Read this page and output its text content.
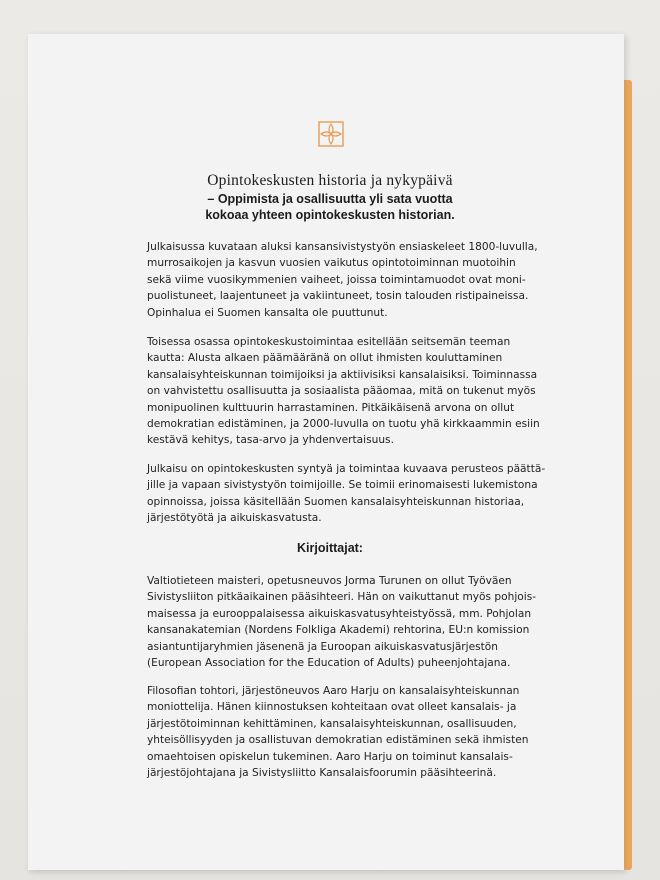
Opintokeskusten historia ja nykypäivä
– Oppimista ja osallisuutta yli sata vuotta
kokoaa yhteen opintokeskusten historian.
Julkaisussa kuvataan aluksi kansansivistystyön ensiaskeleet 1800-luvulla,
murrosaikojen ja kasvun vuosien vaikutus opintotoiminnan muotoihin
sekä viime vuosikymmenien vaiheet, joissa toimintamuodot ovat moni-
puolistuneet, laajentuneet ja vakiintuneet, tosin talouden ristipaineissa.
Opinhalua ei Suomen kansalta ole puuttunut.
Toisessa osassa opintokeskustoimintaa esitellään seitsemän teeman
kautta: Alusta alkaen päämääränä on ollut ihmisten kouluttaminen
kansalaisyhteiskunnan toimijoiksi ja aktiivisiksi kansalaisiksi. Toiminnassa
on vahvistettu osallisuutta ja sosiaalista pääomaa, mitä on tukenut myös
monipuolinen kulttuurin harrastaminen. Pitkäikäisenä arvona on ollut
demokratian edistäminen, ja 2000-luvulla on tuotu yhä kirkkaammin esiin
kestävä kehitys, tasa-arvo ja yhdenvertaisuus.
Julkaisu on opintokeskusten syntyä ja toimintaa kuvaava perusteos päättä-
jille ja vapaan sivistystyön toimijoille. Se toimii erinomaisesti lukemistona
opinnoissa, joissa käsitellään Suomen kansalaisyhteiskunnan historiaa,
järjestötyötä ja aikuiskasvatusta.
Kirjoittajat:
Valtiotieteen maisteri, opetusneuvos Jorma Turunen on ollut Työväen
Sivistysliiton pitkäaikainen pääsihteeri. Hän on vaikuttanut myös pohjois-
maisessa ja eurooppalaisessa aikuiskasvatusyhteistyössä, mm. Pohjolan
kansanakatemian (Nordens Folkliga Akademi) rehtorina, EU:n komission
asiantuntijaryhmien jäsenenä ja Euroopan aikuiskasvatusjärjestön
(European Association for the Education of Adults) puheenjohtajana.
Filosofian tohtori, järjestöneuvos Aaro Harju on kansalaisyhteiskunnan
moniottelija. Hänen kiinnostuksen kohteitaan ovat olleet kansalais- ja
järjestötoiminnan kehittäminen, kansalaisyhteiskunnan, osallisuuden,
yhteisöllisyyden ja osallistuvan demokratian edistäminen sekä ihmisten
omaehtoisen opiskelun tukeminen. Aaro Harju on toiminut kansalais-
järjestöjohtajana ja Sivistysliitto Kansalaisfoorumin pääsihteerinä.
